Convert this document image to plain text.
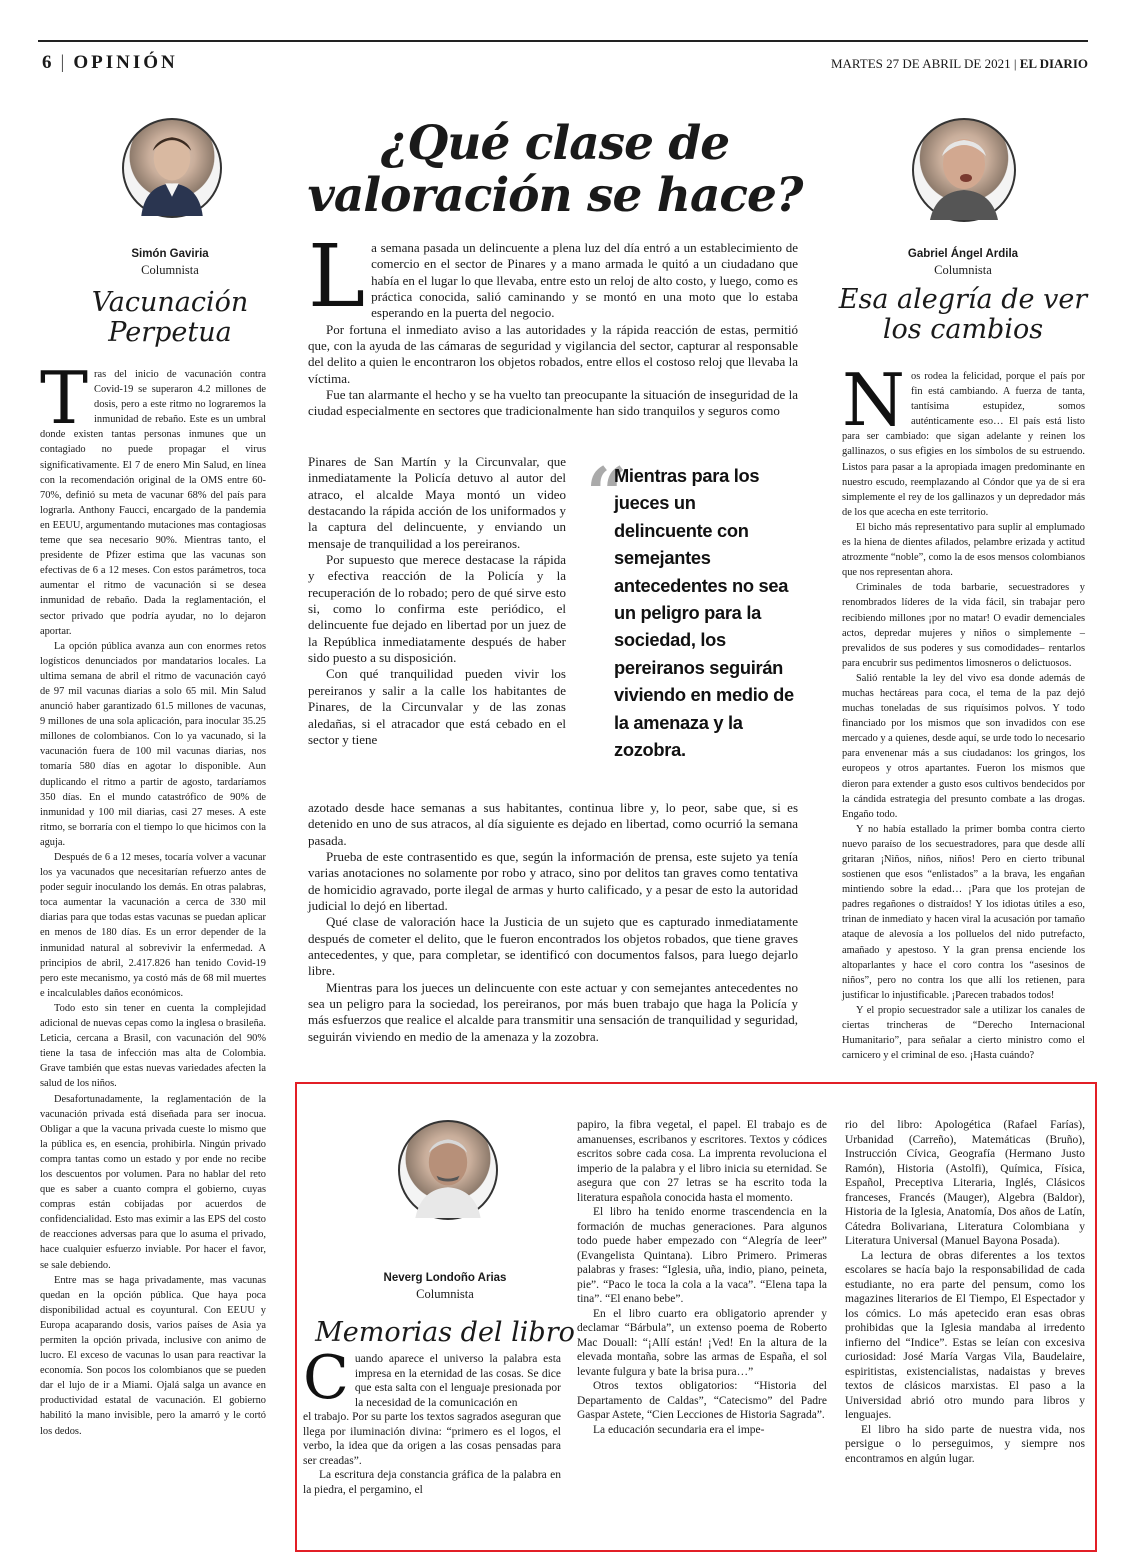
6 | OPINIÓN	MARTES 27 DE ABRIL DE 2021 | EL DIARIO
Simón Gaviria
Columnista
Vacunación Perpetua

Tras del inicio de vacunación contra Covid-19 se superaron 4.2 millones de dosis, pero a este ritmo no lograremos la inmunidad de rebaño. Este es un umbral donde existen tantas personas inmunes que un contagiado no puede propagar el virus significativamente. El 7 de enero Min Salud, en línea con la recomendación original de la OMS entre 60-70%, definió su meta de vacunar 68% del país para lograrla. Anthony Faucci, encargado de la pandemia en EEUU, argumentando mutaciones mas contagiosas teme que sea necesario 90%. Mientras tanto, el presidente de Pfizer estima que las vacunas son efectivas de 6 a 12 meses. Con estos parámetros, toca aumentar el ritmo de vacunación si se desea inmunidad de rebaño. Dada la reglamentación, el sector privado que podría ayudar, no lo dejaron aportar.

La opción pública avanza aun con enormes retos logísticos denunciados por mandatarios locales. La ultima semana de abril el ritmo de vacunación cayó de 97 mil vacunas diarias a solo 65 mil. Min Salud anunció haber garantizado 61.5 millones de vacunas, 9 millones de una sola aplicación, para inocular 35.25 millones de colombianos. Con lo ya vacunado, si la vacunación fuera de 100 mil vacunas diarias, nos tomaría 580 días en agotar lo disponible. Aun duplicando el ritmo a partir de agosto, tardaríamos 350 días. En el mundo catastrófico de 90% de inmunidad y 100 mil diarias, casi 27 meses. A este ritmo, se borraría con el tiempo lo que hicimos con la aguja.

Después de 6 a 12 meses, tocaría volver a vacunar los ya vacunados que necesitarían refuerzo antes de poder seguir inoculando los demás. En otras palabras, toca aumentar la vacunación a cerca de 330 mil diarias para que todas estas vacunas se puedan aplicar en menos de 180 días. Es un error depender de la inmunidad natural al sobrevivir la enfermedad. A principios de abril, 2.417.826 han tenido Covid-19 pero este mecanismo, ya costó más de 68 mil muertes e incalculables daños económicos.

Todo esto sin tener en cuenta la complejidad adicional de nuevas cepas como la inglesa o brasileña. Leticia, cercana a Brasil, con vacunación del 90% tiene la tasa de infección mas alta de Colombia. Grave también que estas nuevas variedades afecten la salud de los niños.

Desafortunadamente, la reglamentación de la vacunación privada está diseñada para ser inocua. Obligar a que la vacuna privada cueste lo mismo que la pública es, en esencia, prohibirla. Ningún privado compra tantas como un estado y por ende no recibe los descuentos por volumen. Para no hablar del reto que es saber a cuanto compra el gobierno, cuyas compras están cobijadas por acuerdos de confidencialidad. Esto mas eximir a las EPS del costo de reacciones adversas para que lo asuma el privado, hace cualquier esfuerzo inviable. Por hacer el favor, se sale debiendo.

Entre mas se haga privadamente, mas vacunas quedan en la opción pública. Que haya poca disponibilidad actual es coyuntural. Con EEUU y Europa acaparando dosis, varios países de Asia ya permiten la opción privada, inclusive con animo de lucro. El exceso de vacunas lo usan para reactivar la economía. Son pocos los colombianos que se pueden dar el lujo de ir a Miami. Ojalá salga un avance en productividad estatal de vacunación. El gobierno habilitó la mano invisible, pero la amarró y le cortó los dedos.

¿Qué clase de valoración se hace?

La semana pasada un delincuente a plena luz del día entró a un establecimiento de comercio en el sector de Pinares y a mano armada le quitó a un ciudadano que había en el lugar lo que llevaba, entre esto un reloj de alto costo, y luego, como es práctica conocida, salió caminando y se montó en una moto que lo estaba esperando en la puerta del negocio.

Por fortuna el inmediato aviso a las autoridades y la rápida reacción de estas, permitió que, con la ayuda de las cámaras de seguridad y vigilancia del sector, capturar al responsable del delito a quien le encontraron los objetos robados, entre ellos el costoso reloj que llevaba la víctima.

Fue tan alarmante el hecho y se ha vuelto tan preocupante la situación de inseguridad de la ciudad especialmente en sectores que tradicionalmente han sido tranquilos y seguros como

Pinares de San Martín y la Circunvalar, que inmediatamente la Policía detuvo al autor del atraco, el alcalde Maya montó un video destacando la rápida acción de los uniformados y la captura del delincuente, y enviando un mensaje de tranquilidad a los pereiranos.

Por supuesto que merece destacase la rápida y efectiva reacción de la Policía y la recuperación de lo robado; pero de qué sirve esto si, como lo confirma este periódico, el delincuente fue dejado en libertad por un juez de la República inmediatamente después de haber sido puesto a su disposición.

Con qué tranquilidad pueden vivir los pereiranos y salir a la calle los habitantes de Pinares, de la Circunvalar y de las zonas aledañas, si el atracador que está cebado en el sector y tiene

“
Mientras para los jueces un delincuente con semejantes antecedentes no sea un peligro para la sociedad, los pereiranos seguirán viviendo en medio de la amenaza y la zozobra.

azotado desde hace semanas a sus habitantes, continua libre y, lo peor, sabe que, si es detenido en uno de sus atracos, al día siguiente es dejado en libertad, como ocurrió la semana pasada.

Prueba de este contrasentido es que, según la información de prensa, este sujeto ya tenía varias anotaciones no solamente por robo y atraco, sino por delitos tan graves como tentativa de homicidio agravado, porte ilegal de armas y hurto calificado, y a pesar de esto la autoridad judicial lo dejó en libertad.

Qué clase de valoración hace la Justicia de un sujeto que es capturado inmediatamente después de cometer el delito, que le fueron encontrados los objetos robados, que tiene graves antecedentes, y que, para completar, se identificó con documentos falsos, para luego dejarlo libre.

Mientras para los jueces un delincuente con este actuar y con semejantes antecedentes no sea un peligro para la sociedad, los pereiranos, por más buen trabajo que haga la Policía y más esfuerzos que realice el alcalde para transmitir una sensación de tranquilidad y seguridad, seguirán viviendo en medio de la amenaza y la zozobra.

Gabriel Ángel Ardila
Columnista
Esa alegría de ver los cambios

Nos rodea la felicidad, porque el país por fin está cambiando. A fuerza de tanta, tantísima estupidez, somos auténticamente eso… El país está listo para ser cambiado: que sigan adelante y reinen los gallinazos, o sus efigies en los símbolos de su estruendo. Listos para pasar a la apropiada imagen predominante en nuestro escudo, reemplazando al Cóndor que ya de si era simplemente el rey de los gallinazos y un depredador más de los que acecha en este territorio.

El bicho más representativo para suplir al emplumado es la hiena de dientes afilados, pelambre erizada y actitud atrozmente “noble”, como la de esos mensos colombianos que nos representan ahora.

Criminales de toda barbarie, secuestradores y renombrados líderes de la vida fácil, sin trabajar pero recibiendo millones ¡por no matar! O evadir demenciales actos, depredar mujeres y niños o simplemente –prevalidos de sus poderes y sus comodidades– rentarlos para encubrir sus pedimentos limosneros o delictuosos.

Salió rentable la ley del vivo esa donde además de muchas hectáreas para coca, el tema de la paz dejó muchas toneladas de sus riquísimos polvos. Y todo financiado por los mismos que son invadidos con ese mercado y a quienes, desde aquí, se urde todo lo necesario para envenenar más a sus ciudadanos: los gringos, los europeos y otros apartantes. Fueron los mismos que dieron para extender a gusto esos cultivos bendecidos por la cándida estrategia del presunto combate a las drogas. Engaño todo.

Y no había estallado la primer bomba contra cierto nuevo paraíso de los secuestradores, para que desde allí gritaran ¡Niños, niños, niños! Pero en cierto tribunal sostienen que esos “enlistados” a la brava, les engañan mintiendo sobre la edad… ¡Para que los protejan de padres regañones o distraídos! Y los idiotas útiles a eso, trinan de inmediato y hacen viral la acusación por tamaño ataque de alevosía a los polluelos del nido putrefacto, amañado y apestoso. Y la gran prensa enciende los altoparlantes y hace el coro contra los “asesinos de niños”, pero no contra los que allí los retienen, para justificar lo injustificable. ¡Parecen trabados todos!

Y el propio secuestrador sale a utilizar los canales de ciertas trincheras de “Derecho Internacional Humanitario”, para señalar a cierto ministro como el carnicero y el criminal de eso. ¡Hasta cuándo?

Neverg Londoño Arias
Columnista
Memorias del libro

Cuando aparece el universo la palabra esta impresa en la eternidad de las cosas. Se dice que esta salta con el lenguaje presionada por la necesidad de la comunicación en

el trabajo. Por su parte los textos sagrados aseguran que llega por iluminación divina: “primero es el logos, el verbo, la idea que da origen a las cosas pensadas para ser creadas”.

La escritura deja constancia gráfica de la palabra en la piedra, el pergamino, el

papiro, la fibra vegetal, el papel. El trabajo es de amanuenses, escribanos y escritores. Textos y códices escritos sobre cada cosa. La imprenta revoluciona el imperio de la palabra y el libro inicia su eternidad. Se asegura que con 27 letras se ha escrito toda la literatura española conocida hasta el momento.

El libro ha tenido enorme trascendencia en la formación de muchas generaciones. Para algunos todo puede haber empezado con “Alegría de leer” (Evangelista Quintana). Libro Primero. Primeras palabras y frases: “Iglesia, uña, indio, piano, peineta, pie”. “Paco le toca la cola a la vaca”. “Elena tapa la tina”. “El enano bebe”.

En el libro cuarto era obligatorio aprender y declamar “Bárbula”, un extenso poema de Roberto Mac Douall: “¡Allí están! ¡Ved! En la altura de la elevada montaña, sobre las armas de España, el sol levante fulgura y bate la brisa pura…”

Otros textos obligatorios: “Historia del Departamento de Caldas”, “Catecismo” del Padre Gaspar Astete, “Cien Lecciones de Historia Sagrada”.

La educación secundaria era el impe-

rio del libro: Apologética (Rafael Farías), Urbanidad (Carreño), Matemáticas (Bruño), Instrucción Cívica, Geografía (Hermano Justo Ramón), Historia (Astolfi), Química, Física, Español, Preceptiva Literaria, Inglés, Clásicos franceses, Francés (Mauger), Algebra (Baldor), Historia de la Iglesia, Anatomía, Dos años de Latín, Cátedra Bolivariana, Literatura Colombiana y Literatura Universal (Manuel Bayona Posada).

La lectura de obras diferentes a los textos escolares se hacía bajo la responsabilidad de cada estudiante, no era parte del pensum, como los magazines literarios de El Tiempo, El Espectador y los cómics. Lo más apetecido eran esas obras prohibidas que la Iglesia mandaba al irredento infierno del “Indice”. Estas se leían con excesiva curiosidad: José María Vargas Vila, Baudelaire, espiritistas, existencialistas, nadaistas y breves textos de clásicos marxistas. El paso a la Universidad abrió otro mundo para libros y lenguajes.

El libro ha sido parte de nuestra vida, nos persigue o lo perseguimos, y siempre nos encontramos en algún lugar.
